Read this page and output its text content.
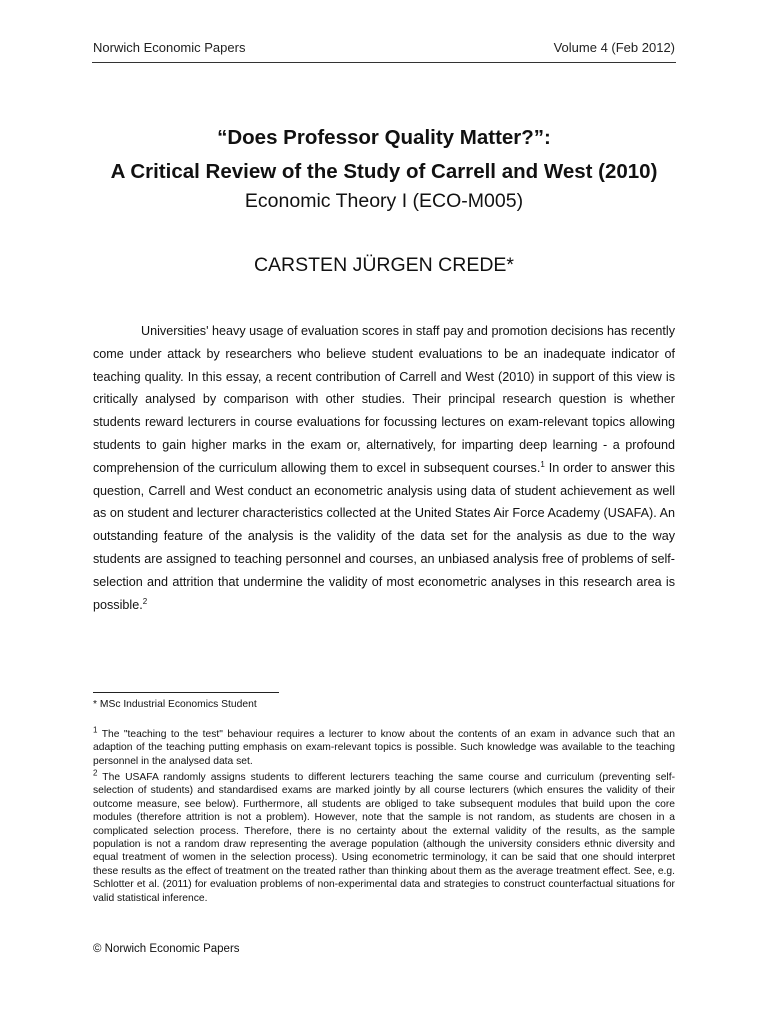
Norwich Economic Papers	Volume 4 (Feb 2012)
“Does Professor Quality Matter?”:
A Critical Review of the Study of Carrell and West (2010)
Economic Theory I (ECO-M005)
CARSTEN JÜRGEN CREDE*

Universities' heavy usage of evaluation scores in staff pay and promotion decisions has recently come under attack by researchers who believe student evaluations to be an inadequate indicator of teaching quality. In this essay, a recent contribution of Carrell and West (2010) in support of this view is critically analysed by comparison with other studies. Their principal research question is whether students reward lecturers in course evaluations for focussing lectures on exam-relevant topics allowing students to gain higher marks in the exam or, alternatively, for imparting deep learning - a profound comprehension of the curriculum allowing them to excel in subsequent courses.$^1$ In order to answer this question, Carrell and West conduct an econometric analysis using data of student achievement as well as on student and lecturer characteristics collected at the United States Air Force Academy (USAFA). An outstanding feature of the analysis is the validity of the data set for the analysis as due to the way students are assigned to teaching personnel and courses, an unbiased analysis free of problems of self-selection and attrition that undermine the validity of most econometric analyses in this research area is possible.$^2$

* MSc Industrial Economics Student

$^1$ The "teaching to the test" behaviour requires a lecturer to know about the contents of an exam in advance such that an adaption of the teaching putting emphasis on exam-relevant topics is possible. Such knowledge was available to the teaching personnel in the analysed data set.

$^2$ The USAFA randomly assigns students to different lecturers teaching the same course and curriculum (preventing self-selection of students) and standardised exams are marked jointly by all course lecturers (which ensures the validity of their outcome measure, see below). Furthermore, all students are obliged to take subsequent modules that build upon the core modules (therefore attrition is not a problem). However, note that the sample is not random, as students are chosen in a complicated selection process. Therefore, there is no certainty about the external validity of the results, as the sample population is not a random draw representing the average population (although the university considers ethnic diversity and equal treatment of women in the selection process). Using econometric terminology, it can be said that one should interpret these results as the effect of treatment on the treated rather than thinking about them as the average treatment effect. See, e.g. Schlotter et al. (2011) for evaluation problems of non-experimental data and strategies to construct counterfactual situations for valid statistical inference.

© Norwich Economic Papers
